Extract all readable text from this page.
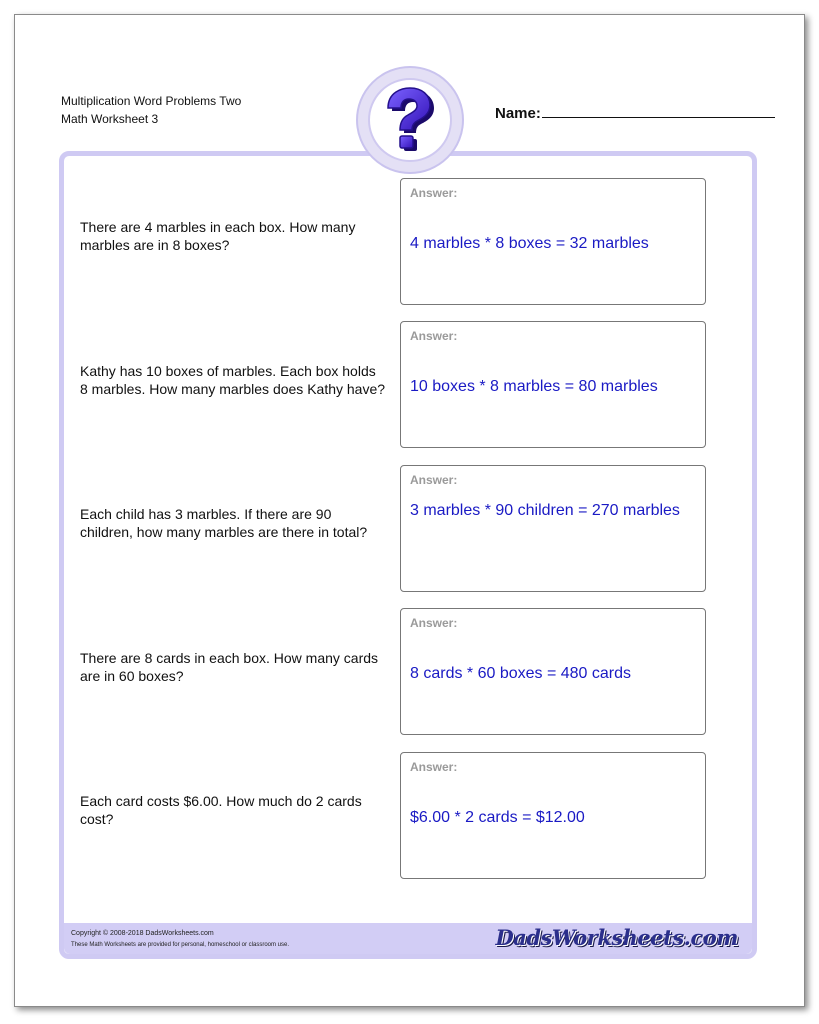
Multiplication Word Problems Two
Math Worksheet 3	Name:
There are 4 marbles in each box. How many marbles are in 8 boxes?
Answer:
4 marbles * 8 boxes = 32 marbles
Kathy has 10 boxes of marbles. Each box holds 8 marbles. How many marbles does Kathy have?
Answer:
10 boxes * 8 marbles = 80 marbles
Each child has 3 marbles. If there are 90 children, how many marbles are there in total?
Answer:
3 marbles * 90 children = 270 marbles
There are 8 cards in each box. How many cards are in 60 boxes?
Answer:
8 cards * 60 boxes = 480 cards
Each card costs $6.00. How much do 2 cards cost?
Answer:
$6.00 * 2 cards = $12.00
Copyright © 2008-2018 DadsWorksheets.com
These Math Worksheets are provided for personal, homeschool or classroom use.	DadsWorksheets.com
